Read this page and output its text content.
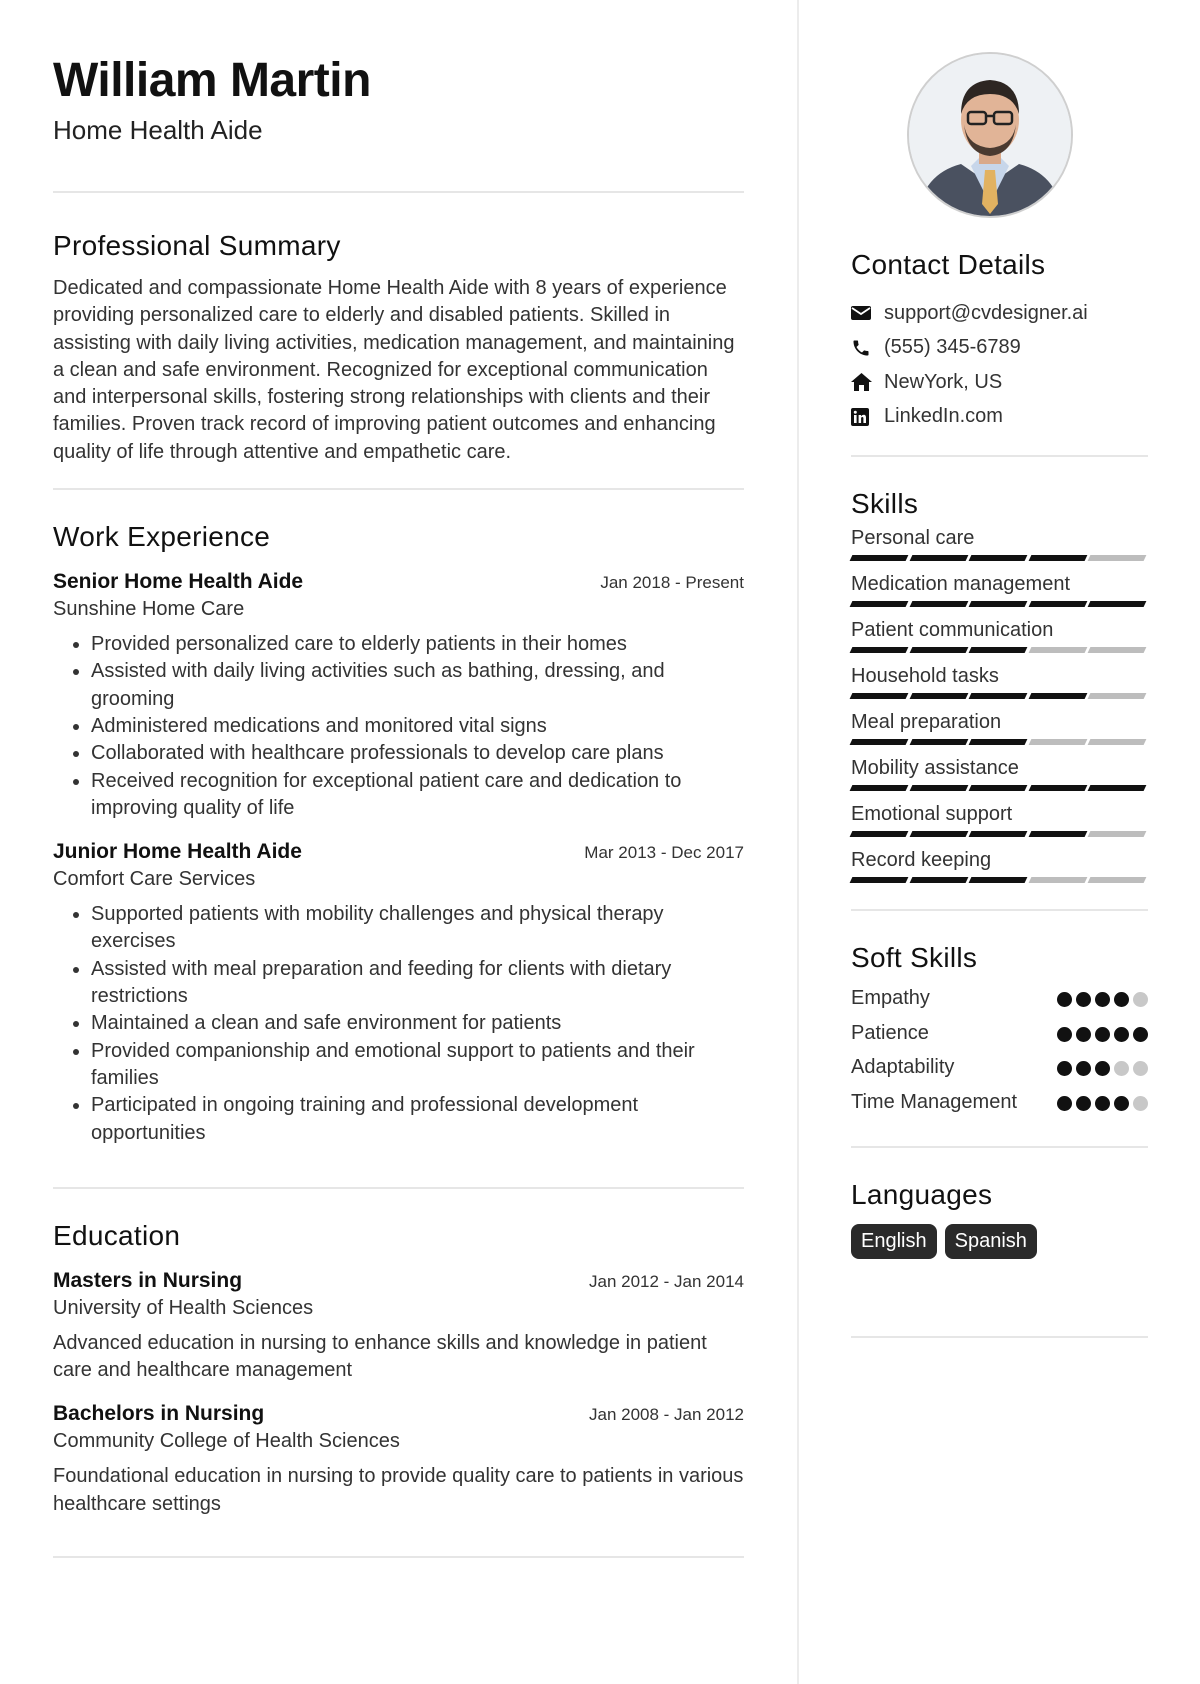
William Martin
Home Health Aide
Professional Summary
Dedicated and compassionate Home Health Aide with 8 years of experience providing personalized care to elderly and disabled patients. Skilled in assisting with daily living activities, medication management, and maintaining a clean and safe environment. Recognized for exceptional communication and interpersonal skills, fostering strong relationships with clients and their families. Proven track record of improving patient outcomes and enhancing quality of life through attentive and empathetic care.
Work Experience
Senior Home Health Aide	Jan 2018 - Present
Sunshine Home Care
• Provided personalized care to elderly patients in their homes
• Assisted with daily living activities such as bathing, dressing, and grooming
• Administered medications and monitored vital signs
• Collaborated with healthcare professionals to develop care plans
• Received recognition for exceptional patient care and dedication to improving quality of life
Junior Home Health Aide	Mar 2013 - Dec 2017
Comfort Care Services
• Supported patients with mobility challenges and physical therapy exercises
• Assisted with meal preparation and feeding for clients with dietary restrictions
• Maintained a clean and safe environment for patients
• Provided companionship and emotional support to patients and their families
• Participated in ongoing training and professional development opportunities
Education
Masters in Nursing	Jan 2012 - Jan 2014
University of Health Sciences
Advanced education in nursing to enhance skills and knowledge in patient care and healthcare management
Bachelors in Nursing	Jan 2008 - Jan 2012
Community College of Health Sciences
Foundational education in nursing to provide quality care to patients in various healthcare settings
Contact Details
support@cvdesigner.ai
(555) 345-6789
NewYork, US
LinkedIn.com
Skills
Personal care
Medication management
Patient communication
Household tasks
Meal preparation
Mobility assistance
Emotional support
Record keeping
Soft Skills
Empathy
Patience
Adaptability
Time Management
Languages
English	Spanish
